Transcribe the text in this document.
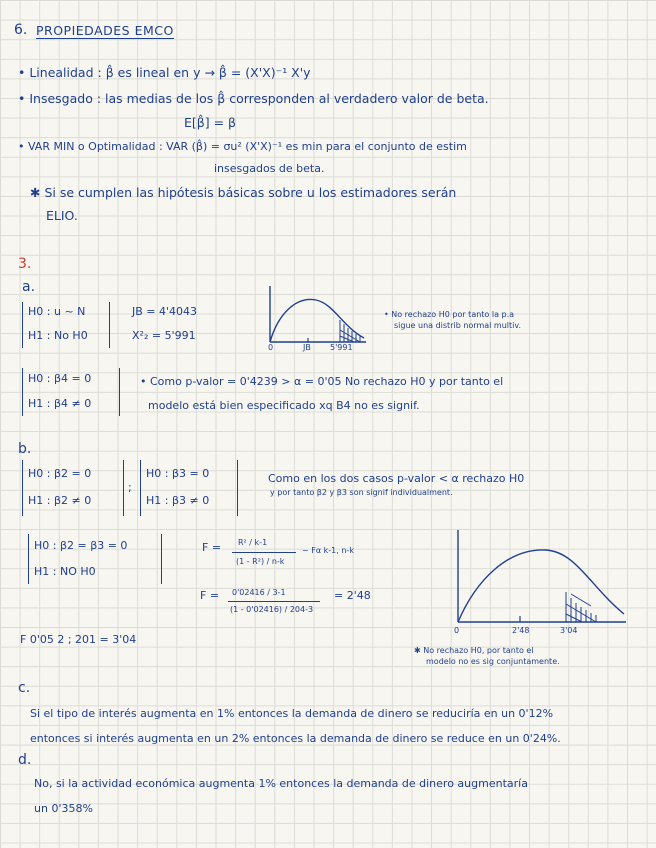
6. PROPIEDADES EMCO
• Linealidad : β̂ es lineal en y → β̂ = (X'X)⁻¹ X'y
• Insesgado : las medias de los β̂ corresponden al verdadero valor de beta.
E[β̂] = β
• VAR MIN o Optimalidad : VAR (β̂) = σu² (X'X)⁻¹ es min para el conjunto de estim
insesgados de beta.
✱ Si se cumplen las hipótesis básicas sobre u los estimadores serán
ELIO.
3.
a.
H0 : u ~ N
H1 : No H0
JB = 4'4043
X²₂ = 5'991
0	JB 5'991
• No rechazo H0 por tanto la p.a
sigue una distrib normal multiv.
H0 : β4 = 0
H1 : β4 ≠ 0
• Como p-valor = 0'4239 > α = 0'05 No rechazo H0 y por tanto el
modelo está bien especificado xq B4 no es signif.
b.
H0 : β2 = 0
H1 : β2 ≠ 0
;
H0 : β3 = 0
H1 : β3 ≠ 0
Como en los dos casos p-valor < α rechazo H0
y por tanto β2 y β3 son signif individualment.
H0 : β2 = β3 = 0
H1 : NO H0
F = R² / k-1
(1 - R²) / n-k
~ Fα k-1, n-k
F = 0'02416 / 3-1
(1 - 0'02416) / 204-3
= 2'48
F 0'05 2 ; 201 = 3'04
0	2'48	3'04
✱ No rechazo H0, por tanto el
modelo no es sig conjuntamente.
c.
Si el tipo de interés augmenta en 1% entonces la demanda de dinero se reduciría en un 0'12%
entonces si interés augmenta en un 2% entonces la demanda de dinero se reduce en un 0'24%.
d.
No, si la actividad económica augmenta 1% entonces la demanda de dinero augmentaría
un 0'358%
